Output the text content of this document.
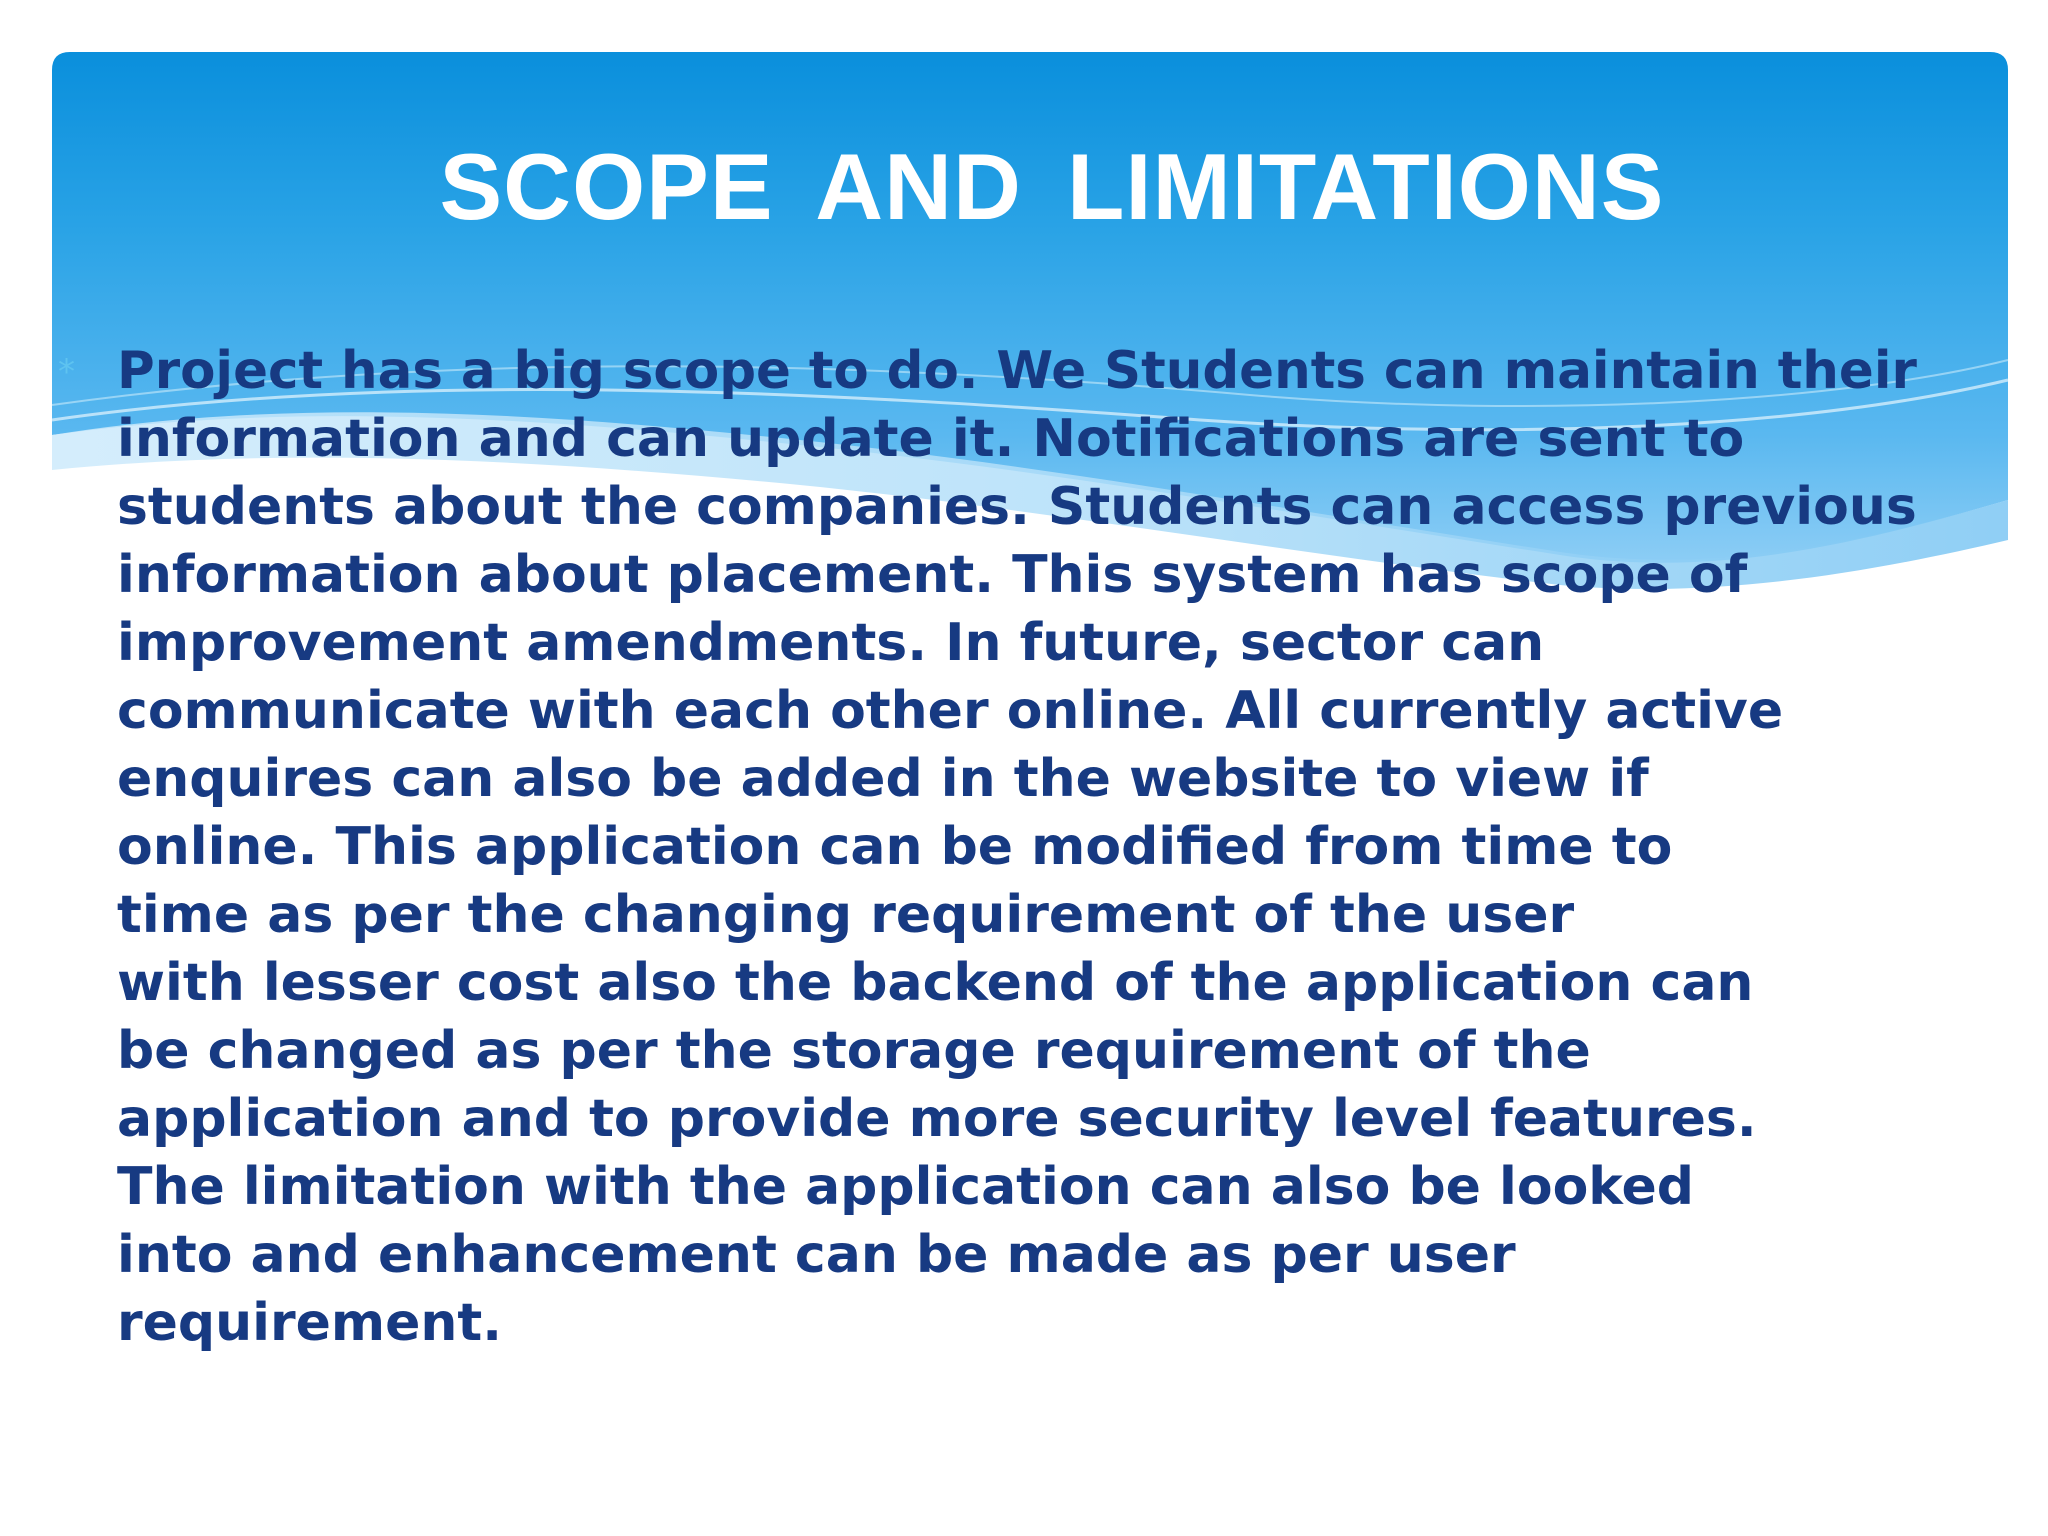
SCOPE AND LIMITATIONS
* Project has a big scope to do. We Students can maintain their
information and can update it. Notifications are sent to
students about the companies. Students can access previous
information about placement. This system has scope of
improvement amendments. In future, sector can
communicate with each other online. All currently active
enquires can also be added in the website to view if
online. This application can be modified from time to
time as per the changing requirement of the user
with lesser cost also the backend of the application can
be changed as per the storage requirement of the
application and to provide more security level features.
The limitation with the application can also be looked
into and enhancement can be made as per user
requirement.
